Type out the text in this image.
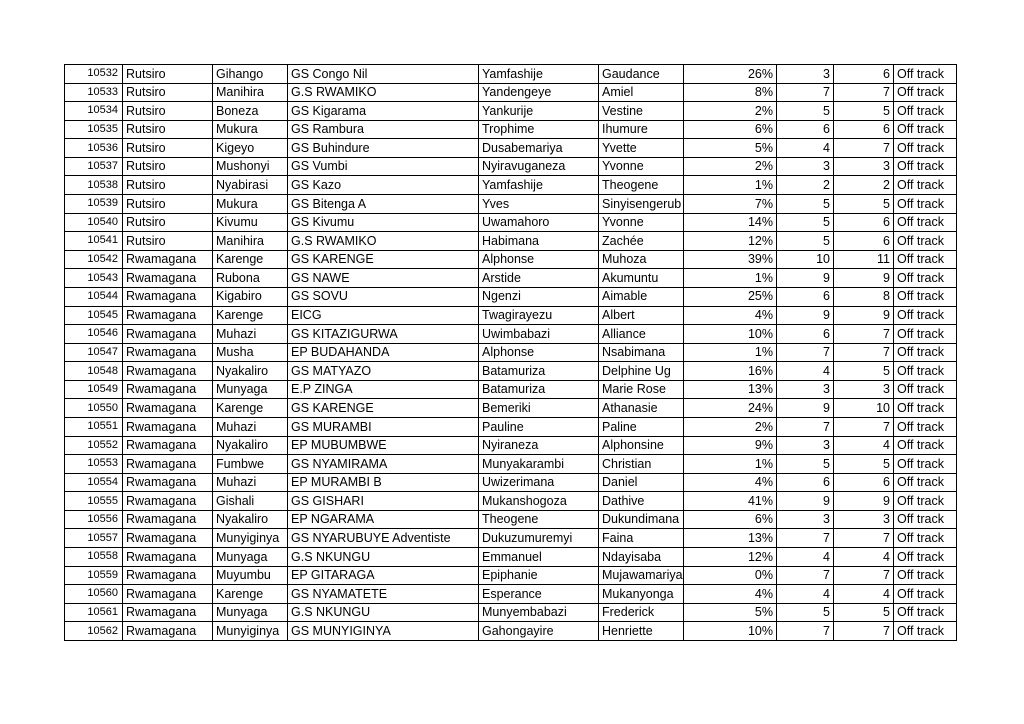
10532	Rutsiro	Gihango	GS Congo Nil	Yamfashije	Gaudance	26%	3	6	Off track
10533	Rutsiro	Manihira	G.S RWAMIKO	Yandengeye	Amiel	8%	7	7	Off track
10534	Rutsiro	Boneza	GS Kigarama	Yankurije	Vestine	2%	5	5	Off track
10535	Rutsiro	Mukura	GS Rambura	Trophime	Ihumure	6%	6	6	Off track
10536	Rutsiro	Kigeyo	GS Buhindure	Dusabemariya	Yvette	5%	4	7	Off track
10537	Rutsiro	Mushonyi	GS Vumbi	Nyiravuganeza	Yvonne	2%	3	3	Off track
10538	Rutsiro	Nyabirasi	GS Kazo	Yamfashije	Theogene	1%	2	2	Off track
10539	Rutsiro	Mukura	GS Bitenga A	Yves	Sinyisengerub	7%	5	5	Off track
10540	Rutsiro	Kivumu	GS Kivumu	Uwamahoro	Yvonne	14%	5	6	Off track
10541	Rutsiro	Manihira	G.S RWAMIKO	Habimana	Zachée	12%	5	6	Off track
10542	Rwamagana	Karenge	GS KARENGE	Alphonse	Muhoza	39%	10	11	Off track
10543	Rwamagana	Rubona	GS NAWE	Arstide	Akumuntu	1%	9	9	Off track
10544	Rwamagana	Kigabiro	GS SOVU	Ngenzi	Aimable	25%	6	8	Off track
10545	Rwamagana	Karenge	EICG	Twagirayezu	Albert	4%	9	9	Off track
10546	Rwamagana	Muhazi	GS KITAZIGURWA	Uwimbabazi	Alliance	10%	6	7	Off track
10547	Rwamagana	Musha	EP BUDAHANDA	Alphonse	Nsabimana	1%	7	7	Off track
10548	Rwamagana	Nyakaliro	GS MATYAZO	Batamuriza	Delphine Ug	16%	4	5	Off track
10549	Rwamagana	Munyaga	E.P ZINGA	Batamuriza	Marie Rose	13%	3	3	Off track
10550	Rwamagana	Karenge	GS KARENGE	Bemeriki	Athanasie	24%	9	10	Off track
10551	Rwamagana	Muhazi	GS MURAMBI	Pauline	Paline	2%	7	7	Off track
10552	Rwamagana	Nyakaliro	EP MUBUMBWE	Nyiraneza	Alphonsine	9%	3	4	Off track
10553	Rwamagana	Fumbwe	GS NYAMIRAMA	Munyakarambi	Christian	1%	5	5	Off track
10554	Rwamagana	Muhazi	EP MURAMBI B	Uwizerimana	Daniel	4%	6	6	Off track
10555	Rwamagana	Gishali	GS GISHARI	Mukanshogoza	Dathive	41%	9	9	Off track
10556	Rwamagana	Nyakaliro	EP NGARAMA	Theogene	Dukundimana	6%	3	3	Off track
10557	Rwamagana	Munyiginya	GS NYARUBUYE Adventiste	Dukuzumuremyi	Faina	13%	7	7	Off track
10558	Rwamagana	Munyaga	G.S NKUNGU	Emmanuel	Ndayisaba	12%	4	4	Off track
10559	Rwamagana	Muyumbu	EP GITARAGA	Epiphanie	Mujawamariya	0%	7	7	Off track
10560	Rwamagana	Karenge	GS NYAMATETE	Esperance	Mukanyonga	4%	4	4	Off track
10561	Rwamagana	Munyaga	G.S NKUNGU	Munyembabazi	Frederick	5%	5	5	Off track
10562	Rwamagana	Munyiginya	GS MUNYIGINYA	Gahongayire	Henriette	10%	7	7	Off track
